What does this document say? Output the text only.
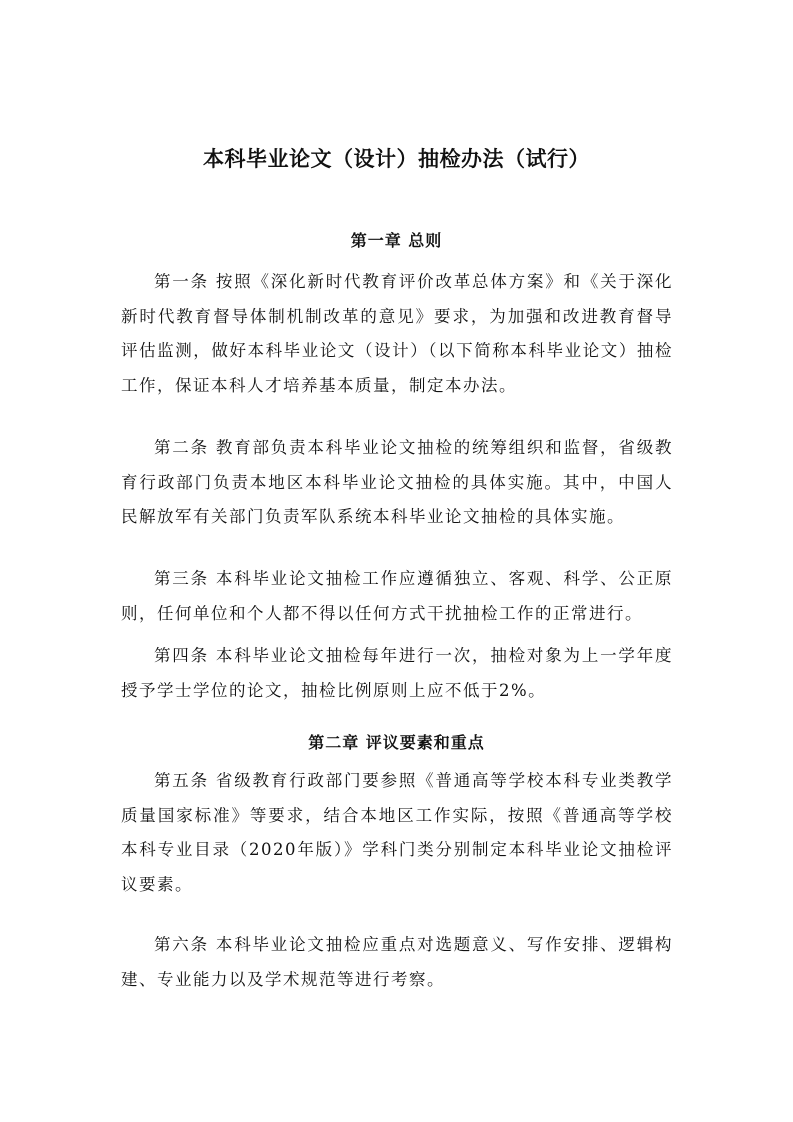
本科毕业论文（设计）抽检办法（试行）
第一章 总则

第一条 按照《深化新时代教育评价改革总体方案》和《关于深化新时代教育督导体制机制改革的意见》要求，为加强和改进教育督导评估监测，做好本科毕业论文（设计）（以下简称本科毕业论文）抽检工作，保证本科人才培养基本质量，制定本办法。

第二条 教育部负责本科毕业论文抽检的统筹组织和监督，省级教育行政部门负责本地区本科毕业论文抽检的具体实施。其中，中国人民解放军有关部门负责军队系统本科毕业论文抽检的具体实施。

第三条 本科毕业论文抽检工作应遵循独立、客观、科学、公正原则，任何单位和个人都不得以任何方式干扰抽检工作的正常进行。

第四条 本科毕业论文抽检每年进行一次，抽检对象为上一学年度授予学士学位的论文，抽检比例原则上应不低于2%。

第二章 评议要素和重点

第五条 省级教育行政部门要参照《普通高等学校本科专业类教学质量国家标准》等要求，结合本地区工作实际，按照《普通高等学校本科专业目录（2020年版）》学科门类分别制定本科毕业论文抽检评议要素。

第六条 本科毕业论文抽检应重点对选题意义、写作安排、逻辑构建、专业能力以及学术规范等进行考察。
